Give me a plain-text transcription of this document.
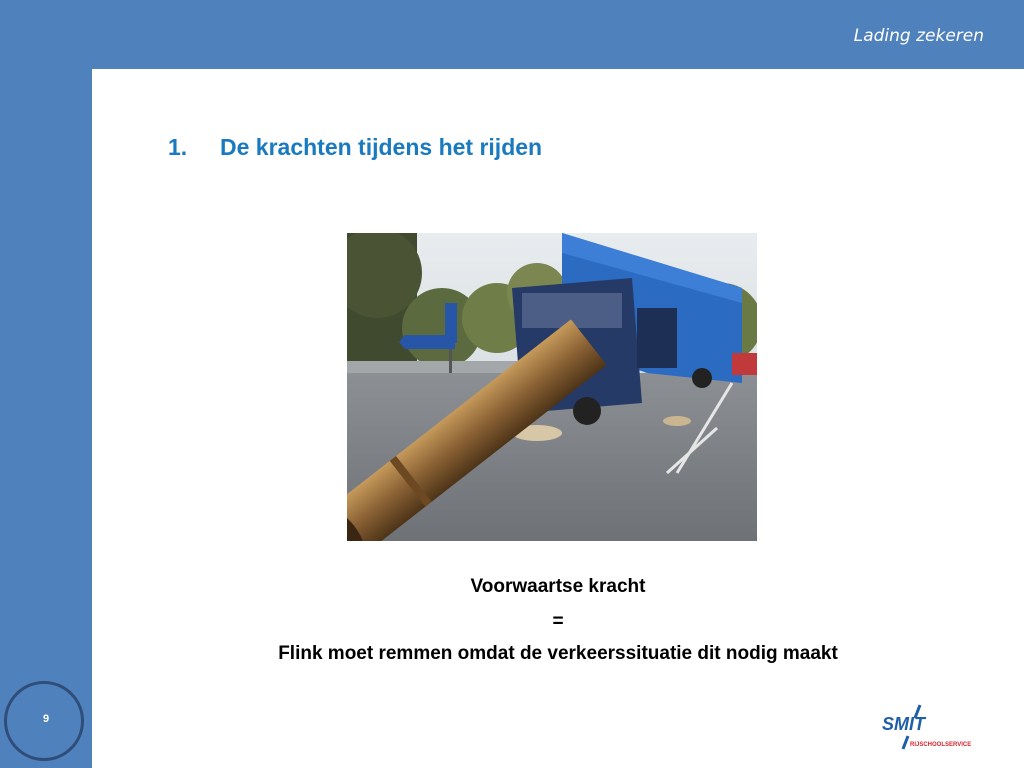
Lading zekeren
9
1. De krachten tijdens het rijden
Voorwaartse kracht
=
Flink moet remmen omdat de verkeerssituatie dit nodig maakt
SMIT
RIJSCHOOLSERVICE
